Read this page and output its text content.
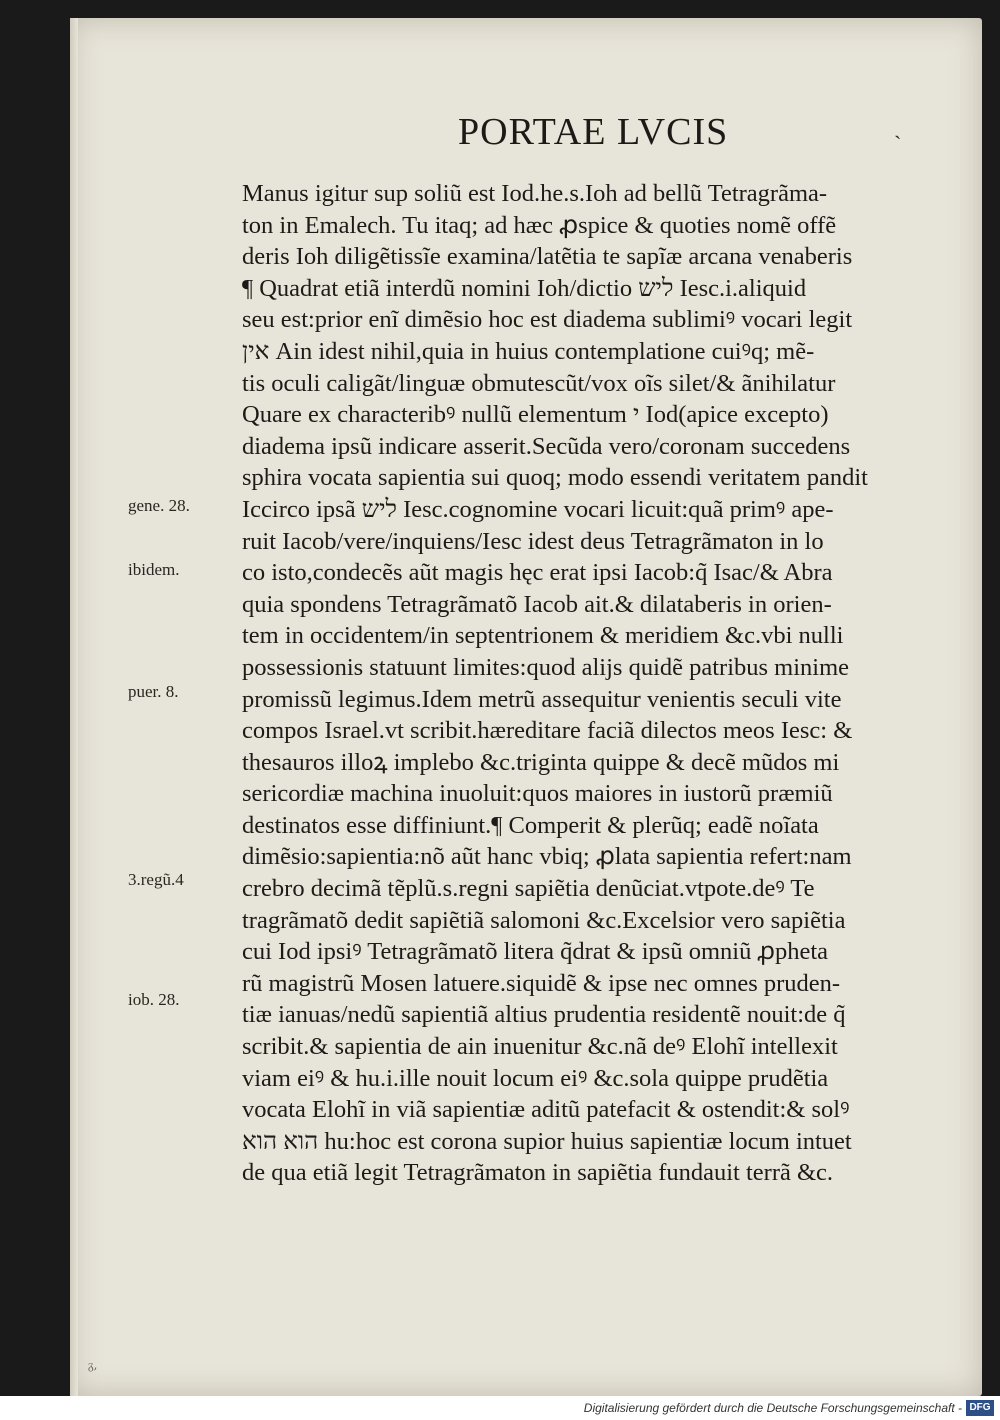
PORTAE LVCIS	ˎ
Manus igitur sup soliũ est Iod.he.s.Ioh ad bellũ Tetragrãma-
ton in Emalech. Tu itaq; ad hæc ꝓspice & quoties nomẽ offẽ
deris Ioh diligẽtissĩe examina/latẽtia te sapĩæ arcana venaberis
¶ Quadrat etiã interdũ nomini Ioh/dictio ליש Iesc.i.aliquid
seu est:prior enĩ dimẽsio hoc est diadema sublimiꝰ vocari legit
אין Ain idest nihil,quia in huius contemplatione cuiꝰq; mẽ-
tis oculi caligãt/linguæ obmutescũt/vox oĩs silet/& ãnihilatur
Quare ex characteribꝰ nullũ elementum י Iod(apice excepto)
diadema ipsũ indicare asserit.Secũda vero/coronam succedens
sphira vocata sapientia sui quoq; modo essendi veritatem pandit
Iccirco ipsã ליש Iesc.cognomine vocari licuit:quã primꝰ ape-
ruit Iacob/vere/inquiens/Iesc idest deus Tetragrãmaton in lo
co isto,condecẽs aũt magis hęc erat ipsi Iacob:q̃ Isac/& Abra
quia spondens Tetragrãmatõ Iacob ait.& dilataberis in orien-
tem in occidentem/in septentrionem & meridiem &c.vbi nulli
possessionis statuunt limites:quod alijs quidẽ patribus minime
promissũ legimus.Idem metrũ assequitur venientis seculi vite
compos Israel.vt scribit.hæreditare faciã dilectos meos Iesc: &
thesauros illoꝝ implebo &c.triginta quippe & decẽ mũdos mi
sericordiæ machina inuoluit:quos maiores in iustorũ præmiũ
destinatos esse diffiniunt.¶ Comperit & plerũq; eadẽ noĩata
dimẽsio:sapientia:nõ aũt hanc vbiq; ꝓlata sapientia refert:nam
crebro decimã tẽplũ.s.regni sapiẽtia denũciat.vtpote.deꝰ Te
tragrãmatõ dedit sapiẽtiã salomoni &c.Excelsior vero sapiẽtia
cui Iod ipsiꝰ Tetragrãmatõ litera q̃drat & ipsũ omniũ ꝓpheta
rũ magistrũ Mosen latuere.siquidẽ & ipse nec omnes pruden-
tiæ ianuas/nedũ sapientiã altius prudentia residentẽ nouit:de q̃
scribit.& sapientia de ain inuenitur &c.nã deꝰ Elohĩ intellexit
viam eiꝰ & hu.i.ille nouit locum eiꝰ &c.sola quippe prudẽtia
vocata Elohĩ in viã sapientiæ aditũ patefacit & ostendit:& solꝰ
הוא הוא hu:hoc est corona supior huius sapientiæ locum intuet
de qua etiã legit Tetragrãmaton in sapiẽtia fundauit terrã &c.
gene. 28.
ibidem.
puer. 8.
3.regũ.4
iob. 28.
ᵹ,
Digitalisierung gefördert durch die Deutsche Forschungsgemeinschaft - DFG
